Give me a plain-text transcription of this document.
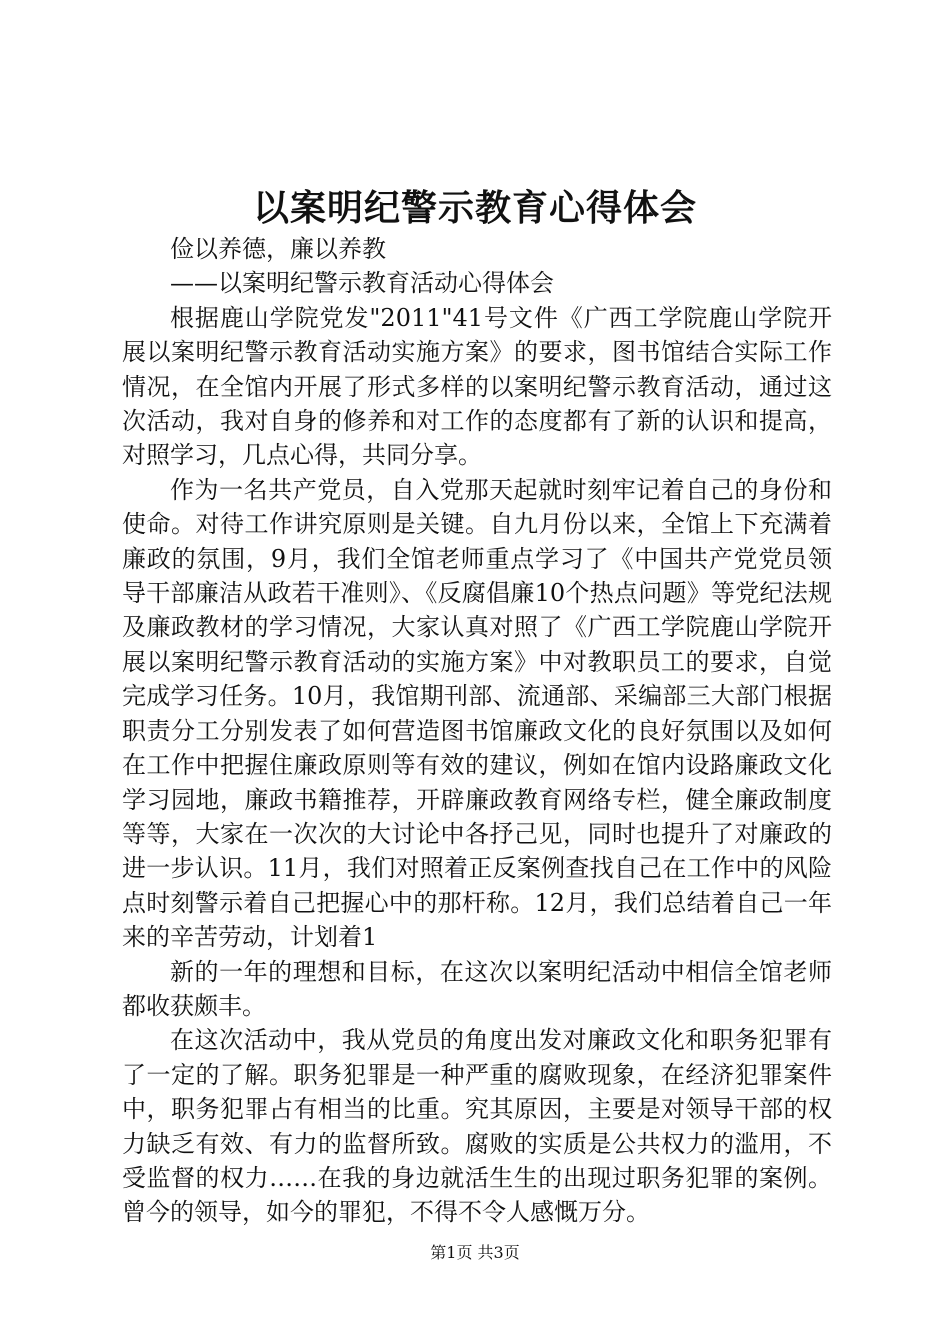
以案明纪警示教育心得体会

俭以养德，廉以养教

——以案明纪警示教育活动心得体会

根据鹿山学院党发"2011"41号文件《广西工学院鹿山学院开展以案明纪警示教育活动实施方案》的要求，图书馆结合实际工作情况，在全馆内开展了形式多样的以案明纪警示教育活动，通过这次活动，我对自身的修养和对工作的态度都有了新的认识和提高，对照学习，几点心得，共同分享。

作为一名共产党员，自入党那天起就时刻牢记着自己的身份和使命。对待工作讲究原则是关键。自九月份以来，全馆上下充满着廉政的氛围，9月，我们全馆老师重点学习了《中国共产党党员领导干部廉洁从政若干准则》、《反腐倡廉10个热点问题》等党纪法规及廉政教材的学习情况，大家认真对照了《广西工学院鹿山学院开展以案明纪警示教育活动的实施方案》中对教职员工的要求，自觉完成学习任务。10月，我馆期刊部、流通部、采编部三大部门根据职责分工分别发表了如何营造图书馆廉政文化的良好氛围以及如何在工作中把握住廉政原则等有效的建议，例如在馆内设路廉政文化学习园地，廉政书籍推荐，开辟廉政教育网络专栏，健全廉政制度等等，大家在一次次的大讨论中各抒己见，同时也提升了对廉政的进一步认识。11月，我们对照着正反案例查找自己在工作中的风险点时刻警示着自己把握心中的那杆称。12月，我们总结着自己一年来的辛苦劳动，计划着1

新的一年的理想和目标，在这次以案明纪活动中相信全馆老师都收获颇丰。

在这次活动中，我从党员的角度出发对廉政文化和职务犯罪有了一定的了解。职务犯罪是一种严重的腐败现象，在经济犯罪案件中，职务犯罪占有相当的比重。究其原因，主要是对领导干部的权力缺乏有效、有力的监督所致。腐败的实质是公共权力的滥用，不受监督的权力……在我的身边就活生生的出现过职务犯罪的案例。曾今的领导，如今的罪犯，不得不令人感慨万分。

第1页 共3页
